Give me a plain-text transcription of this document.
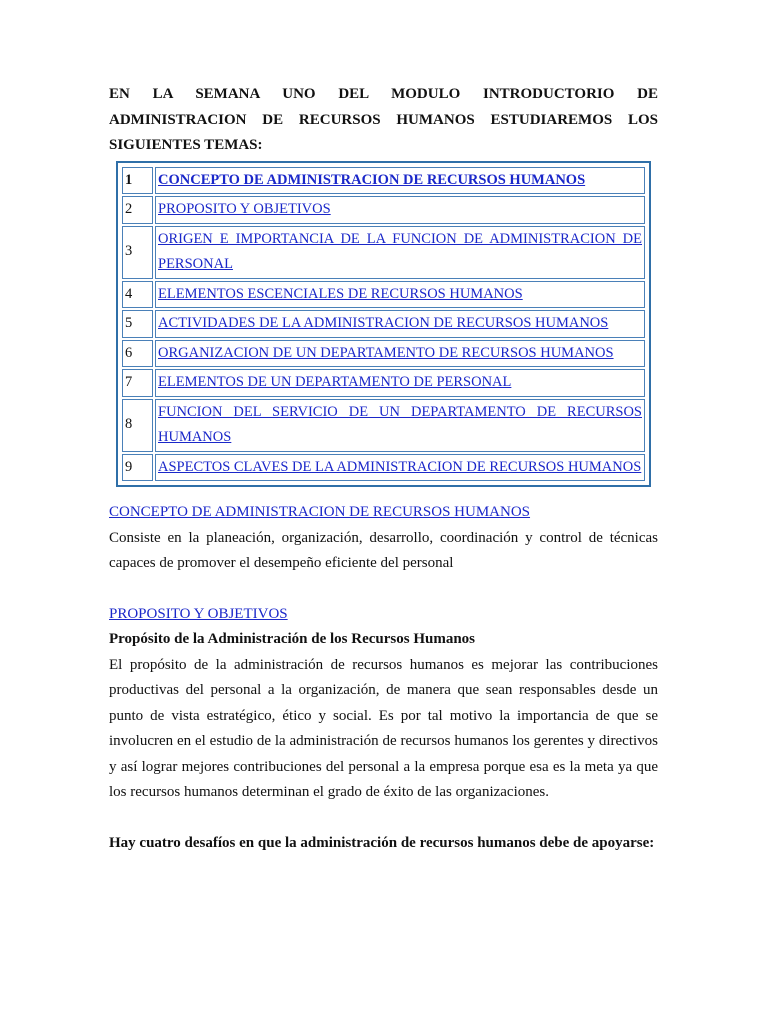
EN LA SEMANA UNO DEL MODULO INTRODUCTORIO DE ADMINISTRACION DE RECURSOS HUMANOS ESTUDIAREMOS LOS SIGUIENTES TEMAS:

1	CONCEPTO DE ADMINISTRACION DE RECURSOS HUMANOS
2	PROPOSITO Y OBJETIVOS
3	ORIGEN E IMPORTANCIA DE LA FUNCION DE ADMINISTRACION DE PERSONAL
4	ELEMENTOS ESCENCIALES DE RECURSOS HUMANOS
5	ACTIVIDADES DE LA ADMINISTRACION DE RECURSOS HUMANOS
6	ORGANIZACION DE UN DEPARTAMENTO DE RECURSOS HUMANOS
7	ELEMENTOS DE UN DEPARTAMENTO DE PERSONAL
8	FUNCION DEL SERVICIO DE UN DEPARTAMENTO DE RECURSOS HUMANOS
9	ASPECTOS CLAVES DE LA ADMINISTRACION DE RECURSOS HUMANOS
CONCEPTO DE ADMINISTRACION DE RECURSOS HUMANOS

Consiste en la planeación, organización, desarrollo, coordinación y control de técnicas capaces de promover el desempeño eficiente del personal

PROPOSITO Y OBJETIVOS

Propósito de la Administración de los Recursos Humanos

El propósito de la administración de recursos humanos es mejorar las contribuciones productivas del personal a la organización, de manera que sean responsables desde un punto de vista estratégico, ético y social. Es por tal motivo la importancia de que se involucren en el estudio de la administración de recursos humanos los gerentes y directivos y así lograr mejores contribuciones del personal a la empresa porque esa es la meta ya que los recursos humanos determinan el grado de éxito de las organizaciones.

Hay cuatro desafíos en que la administración de recursos humanos debe de apoyarse:
